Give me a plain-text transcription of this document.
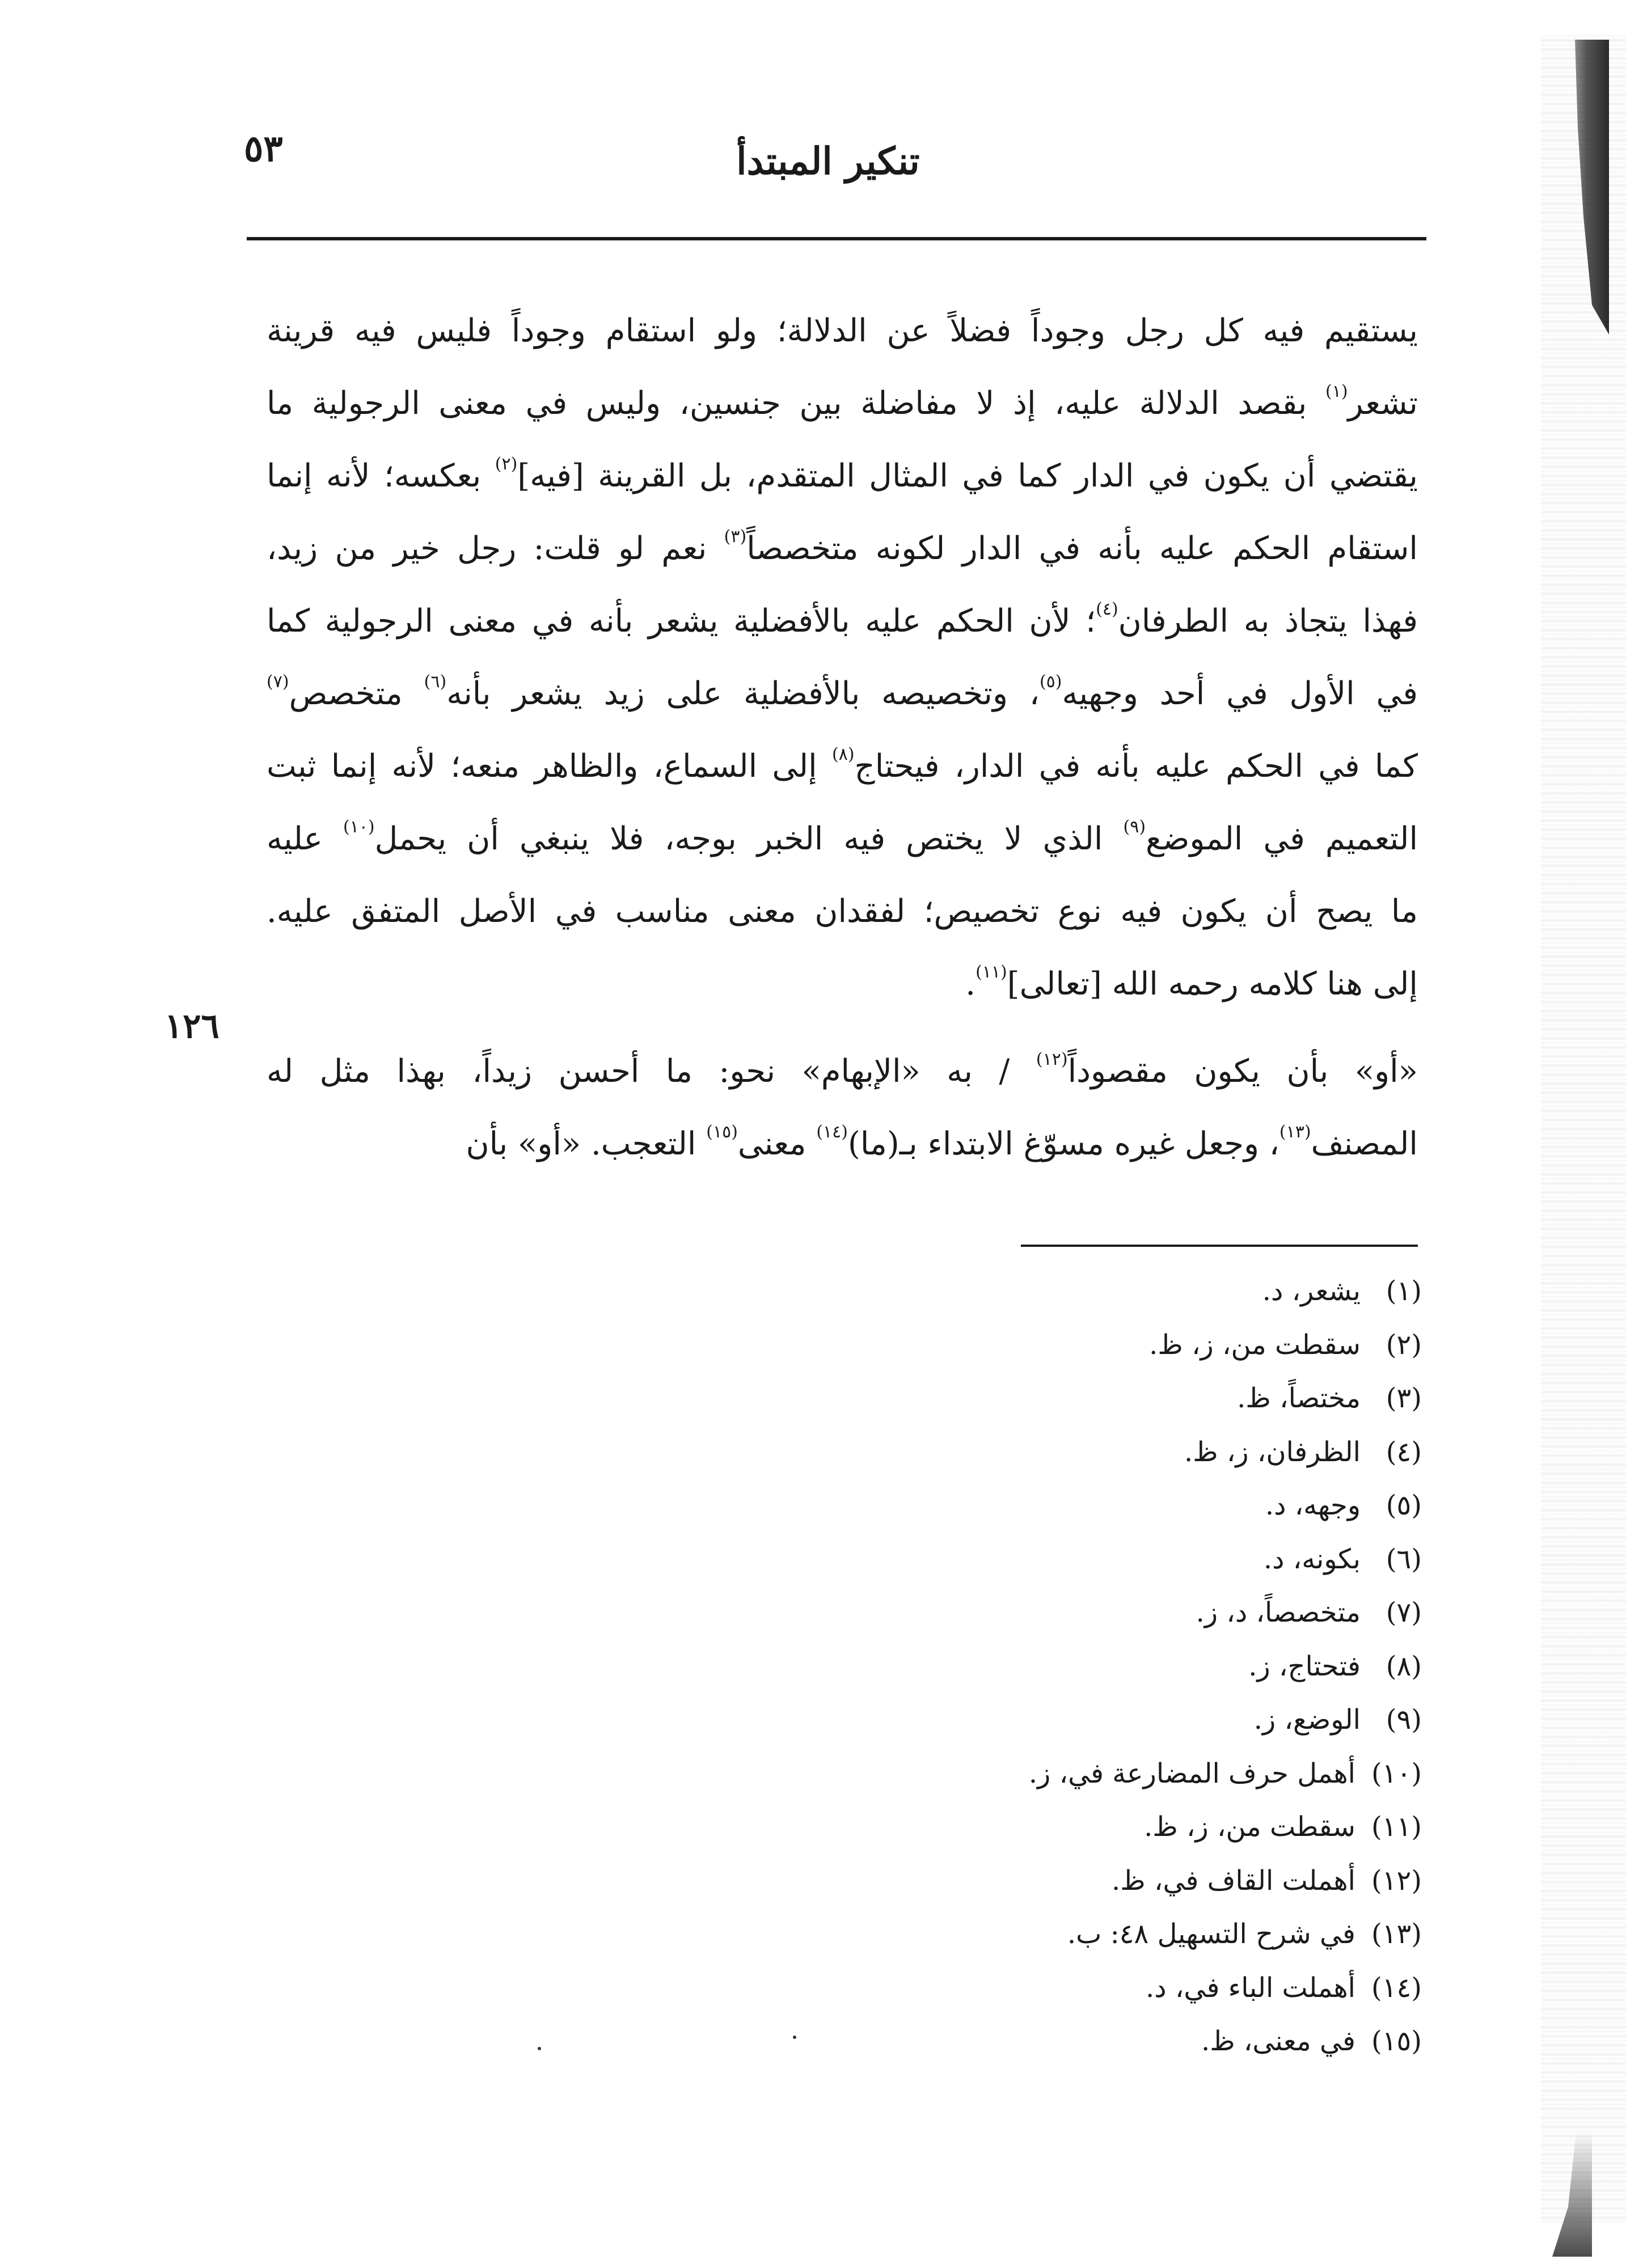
٥٣	تنكير المبتدأ
١٢٦
يستقيم فيه كل رجل وجوداً فضلاً عن الدلالة؛ ولو استقام وجوداً فليس فيه قرينة
تشعر$^{(١)}$ بقصد الدلالة عليه، إذ لا مفاضلة بين جنسين، وليس في معنى الرجولية ما
يقتضي أن يكون في الدار كما في المثال المتقدم، بل القرينة [فيه]$^{(٢)}$ بعكسه؛ لأنه إنما
استقام الحكم عليه بأنه في الدار لكونه متخصصاً$^{(٣)}$ نعم لو قلت: رجل خير من زيد،
فهذا يتجاذ به الطرفان$^{(٤)}$؛ لأن الحكم عليه بالأفضلية يشعر بأنه في معنى الرجولية كما
في الأول في أحد وجهيه$^{(٥)}$، وتخصيصه بالأفضلية على زيد يشعر بأنه$^{(٦)}$ متخصص$^{(٧)}$
كما في الحكم عليه بأنه في الدار، فيحتاج$^{(٨)}$ إلى السماع، والظاهر منعه؛ لأنه إنما ثبت
التعميم في الموضع$^{(٩)}$ الذي لا يختص فيه الخبر بوجه، فلا ينبغي أن يحمل$^{(١٠)}$ عليه
ما يصح أن يكون فيه نوع تخصيص؛ لفقدان معنى مناسب في الأصل المتفق عليه.
إلى هنا كلامه رحمه الله [تعالى]$^{(١١)}$.
«أو» بأن يكون مقصوداً$^{(١٢)}$ / به «الإبهام» نحو: ما أحسن زيداً، بهذا مثل له
المصنف$^{(١٣)}$، وجعل غيره مسوّغ الابتداء بـ(ما)$^{(١٤)}$ معنى$^{(١٥)}$ التعجب. «أو» بأن
(١)
يشعر، د.
(٢)
سقطت من، ز، ظ.
(٣)
مختصاً، ظ.
(٤)
الظرفان، ز، ظ.
(٥)
وجهه، د.
(٦)
بكونه، د.
(٧)
متخصصاً، د، ز.
(٨)
فتحتاج، ز.
(٩)
الوضع، ز.
(١٠)
أهمل حرف المضارعة في، ز.
(١١)
سقطت من، ز، ظ.
(١٢)
أهملت القاف في، ظ.
(١٣)
في شرح التسهيل ٤٨: ب.
(١٤)
أهملت الباء في، د.
(١٥)
في معنى، ظ.
